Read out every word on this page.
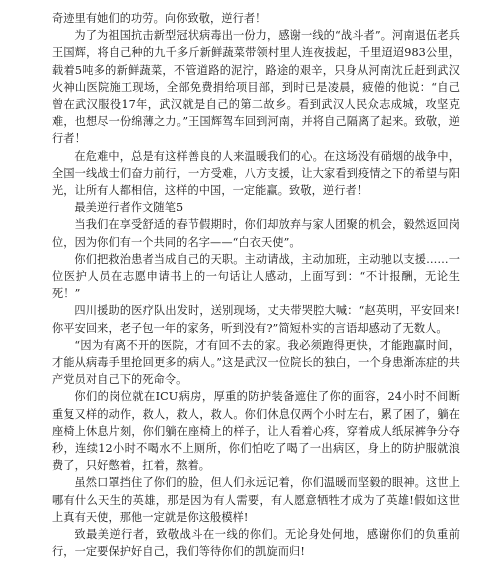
奇迹里有她们的功劳。向你致敬，逆行者！

为了为祖国抗击新型冠状病毒出一份力，感谢一线的“战斗者”。河南退伍老兵王国辉，将自己种的九千多斤新鲜蔬菜带领村里人连夜拔起，千里迢迢983公里，载着5吨多的新鲜蔬菜，不管道路的泥泞，路途的艰辛，只身从河南沈丘赶到武汉火神山医院施工现场，全部免费捐给项目部，到时已是凌晨，疲倦的他说：“自己曾在武汉服役17年，武汉就是自己的第二故乡。看到武汉人民众志成城，攻坚克难，也想尽一份绵薄之力。”王国辉驾车回到河南，并将自己隔离了起来。致敬，逆行者！

在危难中，总是有这样善良的人来温暖我们的心。在这场没有硝烟的战争中，全国一线战士们奋力前行，一方受难，八方支援，让大家看到疫情之下的希望与阳光，让所有人都相信，这样的中国，一定能赢。致敬，逆行者！

最美逆行者作文随笔5

当我们在享受舒适的春节假期时，你们却放弃与家人团聚的机会，毅然返回岗位，因为你们有一个共同的名字——“白衣天使”。

你们把救治患者当成自己的天职。主动请战，主动加班，主动驰以支援……一位医护人员在志愿申请书上的一句话让人感动，上面写到：“不计报酬，无论生死！”

四川援助的医疗队出发时，送别现场，丈夫带哭腔大喊：“赵英明，平安回来!你平安回来，老子包一年的家务，听到没有?”简短朴实的言语却感动了无数人。

“因为有离不开的医院，才有回不去的家。我必须跑得更快，才能跑赢时间，才能从病毒手里抢回更多的病人。”这是武汉一位院长的独白，一个身患渐冻症的共产党员对自己下的死命令。

你们的岗位就在ICU病房，厚重的防护装备遮住了你的面容，24小时不间断重复又样的动作，救人，救人，救人。你们休息仅两个小时左右，累了困了，躺在座椅上休息片刻，你们躺在座椅上的样子，让人看着心疼，穿着成人纸尿裤争分夺秒，连续12小时不喝水不上厕所，你们怕吃了喝了一出病区，身上的防护服就浪费了，只好憋着，扛着，熬着。

虽然口罩挡住了你们的脸，但人们永远记着，你们温暖而坚毅的眼神。这世上哪有什么天生的英雄，那是因为有人需要，有人愿意牺牲才成为了英雄!假如这世上真有天使，那他一定就是你这般模样!

致最美逆行者，致敬战斗在一线的你们。无论身处何地，感谢你们的负重前行，一定要保护好自己，我们等待你们的凯旋而归!
